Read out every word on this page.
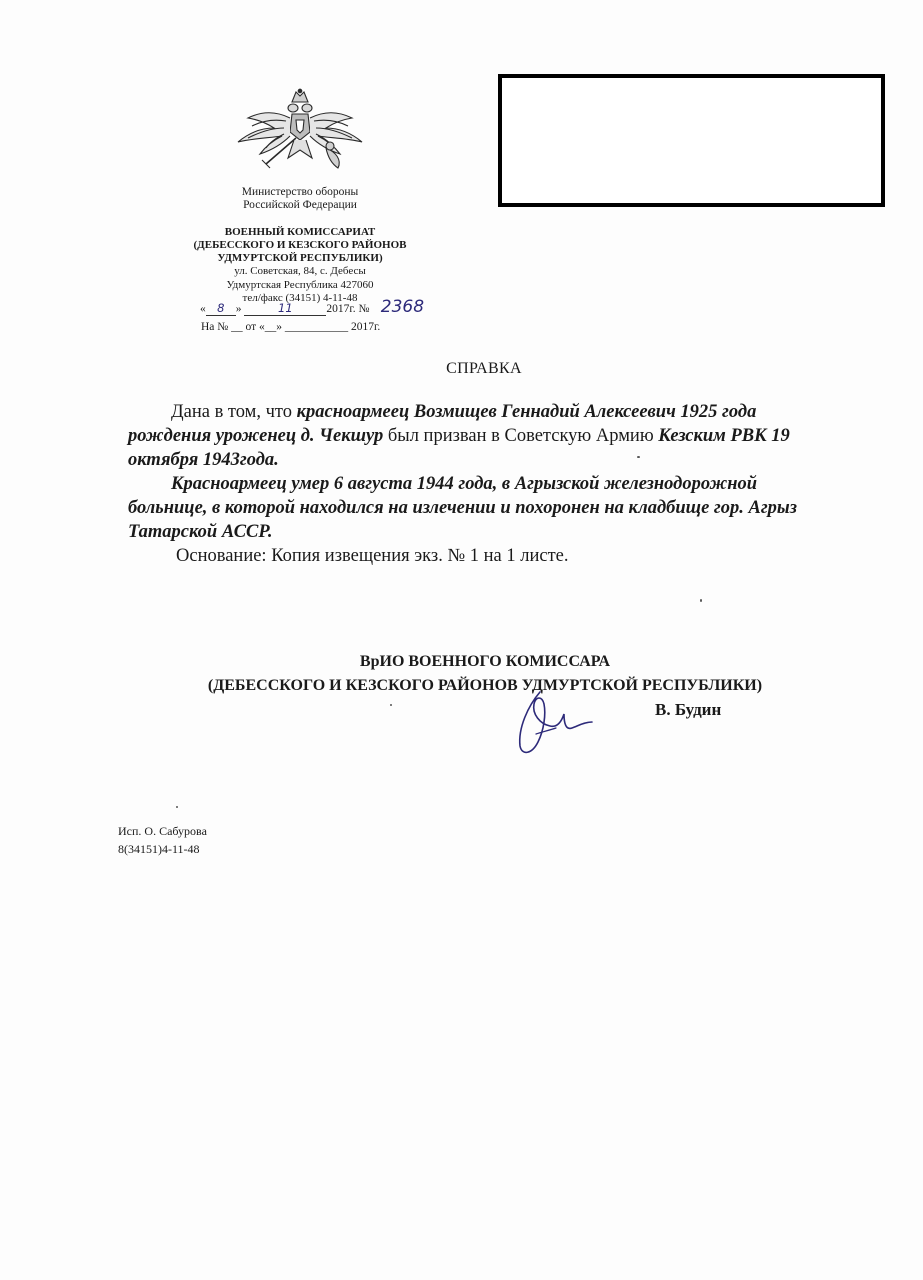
Министерство обороны
Российской Федерации
ВОЕННЫЙ КОМИССАРИАТ
(ДЕБЕССКОГО И КЕЗСКОГО РАЙОНОВ
УДМУРТСКОЙ РЕСПУБЛИКИ)
ул. Советская, 84, с. Дебесы
Удмуртская Республика 427060
тел/факс (34151) 4-11-48
« 8 »	11	2017г. № 2368
На № __ от «__» ___________ 2017г.
СПРАВКА

Дана в том, что красноармеец Возмищев Геннадий Алексеевич 1925 года рождения уроженец д. Чекшур был призван в Советскую Армию Кезским РВК 19 октября 1943года.

Красноармеец умер 6 августа 1944 года, в Агрызской железнодорожной больнице, в которой находился на излечении и похоронен на кладбище гор. Агрыз Татарской АССР.

Основание: Копия извещения экз. № 1 на 1 листе.

ВрИО ВОЕННОГО КОМИССАРА
(ДЕБЕССКОГО И КЕЗСКОГО РАЙОНОВ УДМУРТСКОЙ РЕСПУБЛИКИ)
В. Будин
Исп. О. Сабурова
8(34151)4-11-48
